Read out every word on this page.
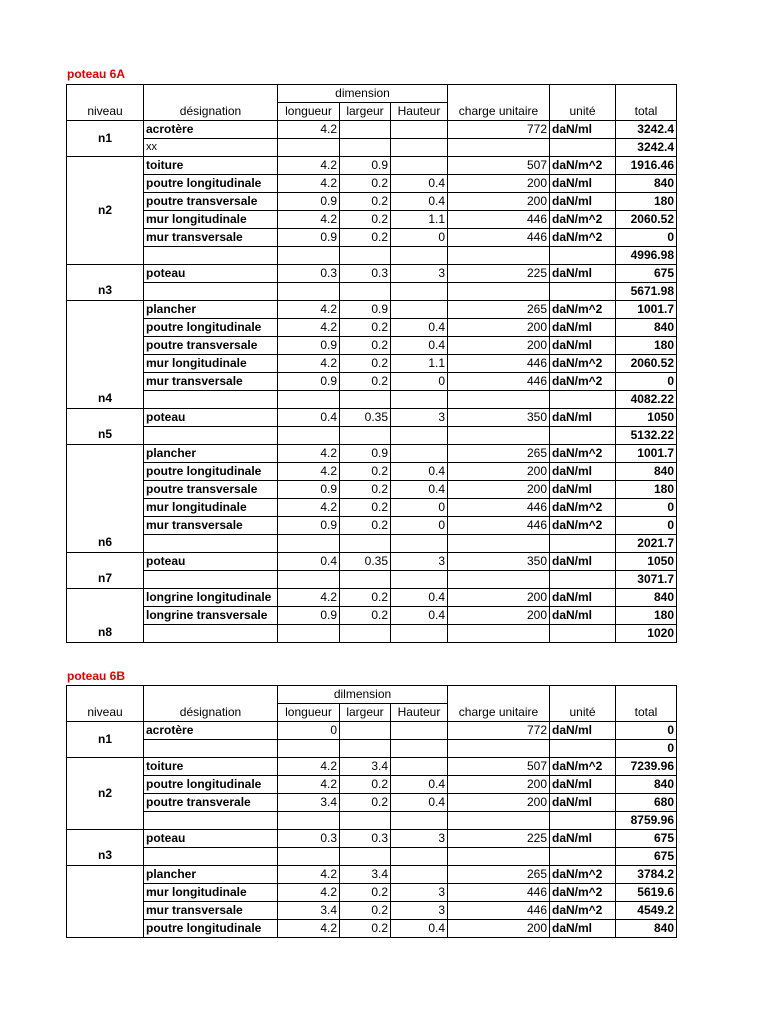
poteau 6A
niveau	désignation	dimension			charge unitaire	unité	total
		longueur	largeur	Hauteur			
n1	acrotère	4.2			772	daN/ml	3242.4
	xx						3242.4
n2	toiture	4.2	0.9		507	daN/m^2	1916.46
	poutre longitudinale	4.2	0.2	0.4	200	daN/ml	840
	poutre transversale	0.9	0.2	0.4	200	daN/ml	180
	mur longitudinale	4.2	0.2	1.1	446	daN/m^2	2060.52
	mur transversale	0.9	0.2	0	446	daN/m^2	0
							4996.98
n3	poteau	0.3	0.3	3	225	daN/ml	675
							5671.98
n4	plancher	4.2	0.9		265	daN/m^2	1001.7
	poutre longitudinale	4.2	0.2	0.4	200	daN/ml	840
	poutre transversale	0.9	0.2	0.4	200	daN/ml	180
	mur longitudinale	4.2	0.2	1.1	446	daN/m^2	2060.52
	mur transversale	0.9	0.2	0	446	daN/m^2	0
							4082.22
n5	poteau	0.4	0.35	3	350	daN/ml	1050
							5132.22
n6	plancher	4.2	0.9		265	daN/m^2	1001.7
	poutre longitudinale	4.2	0.2	0.4	200	daN/ml	840
	poutre transversale	0.9	0.2	0.4	200	daN/ml	180
	mur longitudinale	4.2	0.2	0	446	daN/m^2	0
	mur transversale	0.9	0.2	0	446	daN/m^2	0
							2021.7
n7	poteau	0.4	0.35	3	350	daN/ml	1050
							3071.7
n8	longrine longitudinale	4.2	0.2	0.4	200	daN/ml	840
	longrine transversale	0.9	0.2	0.4	200	daN/ml	180
							1020
poteau 6B
niveau	désignation	dilmension			charge unitaire	unité	total
		longueur	largeur	Hauteur			
n1	acrotère	0			772	daN/ml	0
							0
n2	toiture	4.2	3.4		507	daN/m^2	7239.96
	poutre longitudinale	4.2	0.2	0.4	200	daN/ml	840
	poutre transverale	3.4	0.2	0.4	200	daN/ml	680
							8759.96
n3	poteau	0.3	0.3	3	225	daN/ml	675
							675
	plancher	4.2	3.4		265	daN/m^2	3784.2
	mur longitudinale	4.2	0.2	3	446	daN/m^2	5619.6
	mur transversale	3.4	0.2	3	446	daN/m^2	4549.2
	poutre longitudinale	4.2	0.2	0.4	200	daN/ml	840
